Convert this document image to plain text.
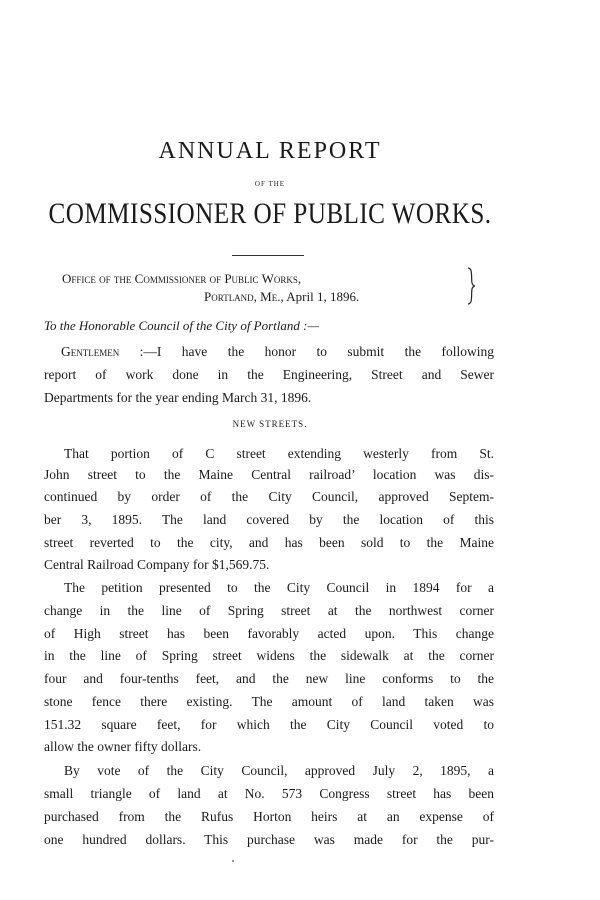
ANNUAL REPORT
OF THE
COMMISSIONER OF PUBLIC WORKS.
Office of the Commissioner of Public Works,
Portland, Me., April 1, 1896.
To the Honorable Council of the City of Portland :—
Gentlemen :—I have the honor to submit the following
report of work done in the Engineering, Street and Sewer
Departments for the year ending March 31, 1896.
NEW STREETS.
That portion of C street extending westerly from St.
John street to the Maine Central railroad’ location was dis-
continued by order of the City Council, approved Septem-
ber 3, 1895. The land covered by the location of this
street reverted to the city, and has been sold to the Maine
Central Railroad Company for $1,569.75.
The petition presented to the City Council in 1894 for a
change in the line of Spring street at the northwest corner
of High street has been favorably acted upon. This change
in the line of Spring street widens the sidewalk at the corner
four and four-tenths feet, and the new line conforms to the
stone fence there existing. The amount of land taken was
151.32 square feet, for which the City Council voted to
allow the owner fifty dollars.
By vote of the City Council, approved July 2, 1895, a
small triangle of land at No. 573 Congress street has been
purchased from the Rufus Horton heirs at an expense of
one hundred dollars. This purchase was made for the pur-
